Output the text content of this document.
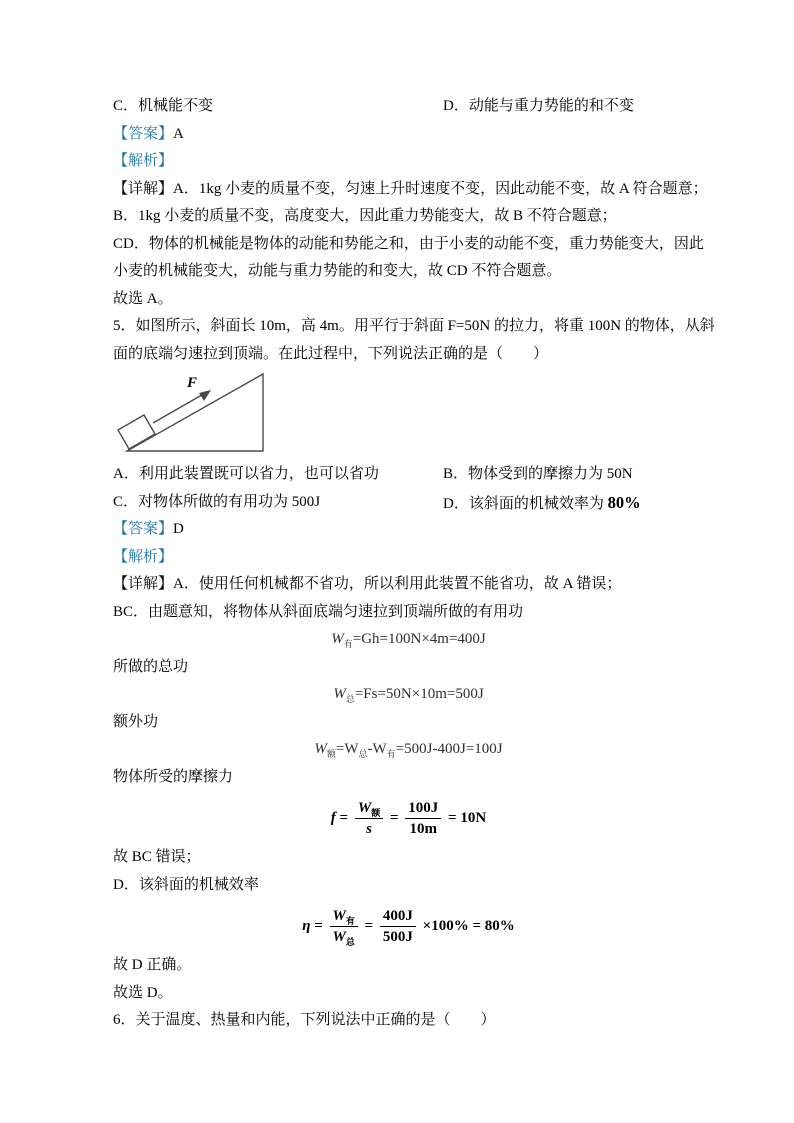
C．机械能不变	D．动能与重力势能的和不变
【答案】A
【解析】
【详解】A．1kg 小麦的质量不变，匀速上升时速度不变，因此动能不变，故 A 符合题意；
B．1kg 小麦的质量不变，高度变大，因此重力势能变大，故 B 不符合题意；
CD．物体的机械能是物体的动能和势能之和，由于小麦的动能不变，重力势能变大，因此
小麦的机械能变大，动能与重力势能的和变大，故 CD 不符合题意。
故选 A。
5．如图所示，斜面长 10m，高 4m。用平行于斜面 F=50N 的拉力，将重 100N 的物体，从斜
面的底端匀速拉到顶端。在此过程中，下列说法正确的是（　　）
F
A．利用此装置既可以省力，也可以省功	B．物体受到的摩擦力为 50N
C．对物体所做的有用功为 500J	D．该斜面的机械效率为 80%
【答案】D
【解析】
【详解】A．使用任何机械都不省功，所以利用此装置不能省功，故 A 错误；
BC．由题意知，将物体从斜面底端匀速拉到顶端所做的有用功
$W_有=Gh=100N\times 4m=400J$
所做的总功
$W_总=Fs=50N\times 10m=500J$
额外功
$W_额=W_总-W_有=500J-400J=100J$
物体所受的摩擦力
$f = \frac{W_额}{s} = \frac{100J}{10m} = 10N$
故 BC 错误；
D．该斜面的机械效率
$\eta = \frac{W_有}{W_总} = \frac{400J}{500J} \times 100\% = 80\%$
故 D 正确。
故选 D。
6．关于温度、热量和内能，下列说法中正确的是（　　）
